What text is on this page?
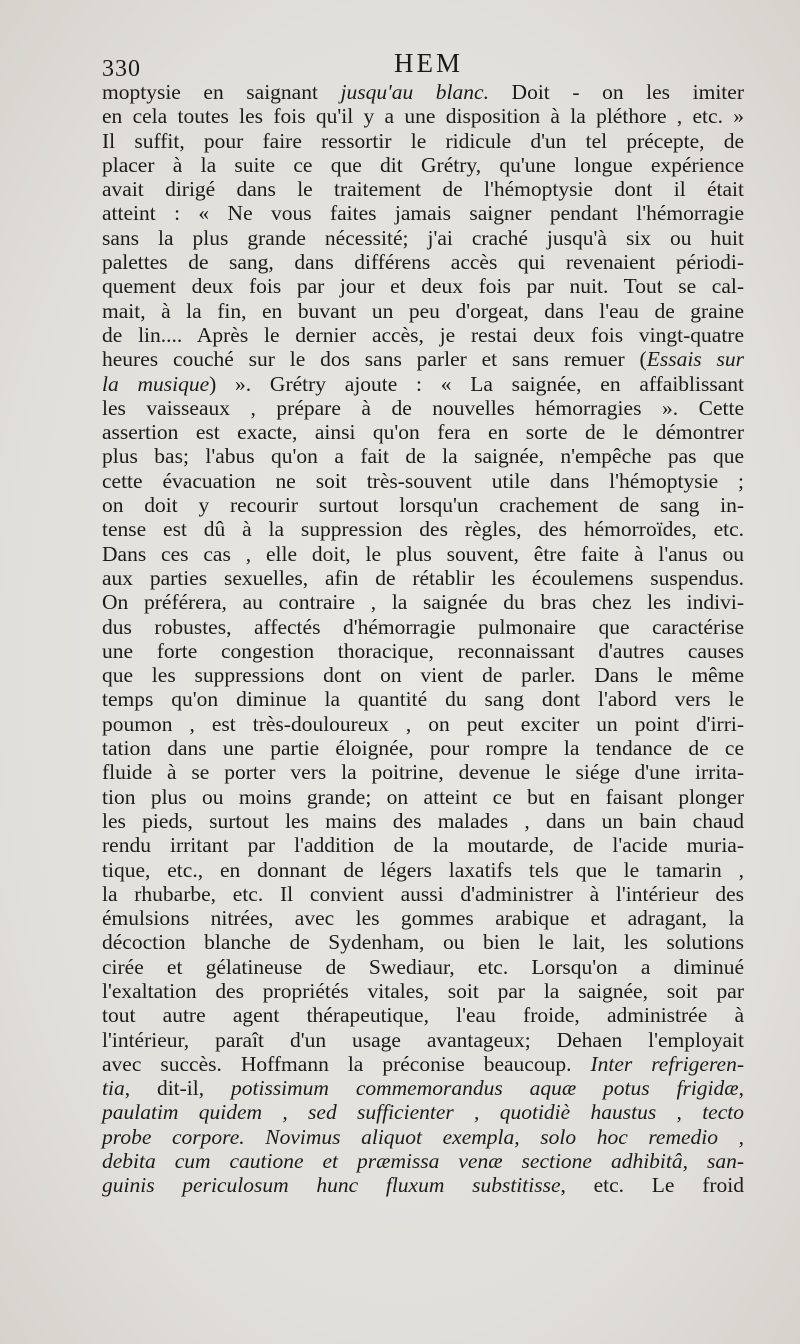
330	HEM
moptysie en saignant jusqu'au blanc. Doit - on les imiter
en cela toutes les fois qu'il y a une disposition à la pléthore , etc. »
Il suffit, pour faire ressortir le ridicule d'un tel précepte, de
placer à la suite ce que dit Grétry, qu'une longue expérience
avait dirigé dans le traitement de l'hémoptysie dont il était
atteint : « Ne vous faites jamais saigner pendant l'hémorragie
sans la plus grande nécessité; j'ai craché jusqu'à six ou huit
palettes de sang, dans différens accès qui revenaient périodi-
quement deux fois par jour et deux fois par nuit. Tout se cal-
mait, à la fin, en buvant un peu d'orgeat, dans l'eau de graine
de lin.... Après le dernier accès, je restai deux fois vingt-quatre
heures couché sur le dos sans parler et sans remuer (Essais sur
la musique) ». Grétry ajoute : « La saignée, en affaiblissant
les vaisseaux , prépare à de nouvelles hémorragies ». Cette
assertion est exacte, ainsi qu'on fera en sorte de le démontrer
plus bas; l'abus qu'on a fait de la saignée, n'empêche pas que
cette évacuation ne soit très-souvent utile dans l'hémoptysie ;
on doit y recourir surtout lorsqu'un crachement de sang in-
tense est dû à la suppression des règles, des hémorroïdes, etc.
Dans ces cas , elle doit, le plus souvent, être faite à l'anus ou
aux parties sexuelles, afin de rétablir les écoulemens suspendus.
On préférera, au contraire , la saignée du bras chez les indivi-
dus robustes, affectés d'hémorragie pulmonaire que caractérise
une forte congestion thoracique, reconnaissant d'autres causes
que les suppressions dont on vient de parler. Dans le même
temps qu'on diminue la quantité du sang dont l'abord vers le
poumon , est très-douloureux , on peut exciter un point d'irri-
tation dans une partie éloignée, pour rompre la tendance de ce
fluide à se porter vers la poitrine, devenue le siége d'une irrita-
tion plus ou moins grande; on atteint ce but en faisant plonger
les pieds, surtout les mains des malades , dans un bain chaud
rendu irritant par l'addition de la moutarde, de l'acide muria-
tique, etc., en donnant de légers laxatifs tels que le tamarin ,
la rhubarbe, etc. Il convient aussi d'administrer à l'intérieur des
émulsions nitrées, avec les gommes arabique et adragant, la
décoction blanche de Sydenham, ou bien le lait, les solutions
cirée et gélatineuse de Swediaur, etc. Lorsqu'on a diminué
l'exaltation des propriétés vitales, soit par la saignée, soit par
tout autre agent thérapeutique, l'eau froide, administrée à
l'intérieur, paraît d'un usage avantageux; Dehaen l'employait
avec succès. Hoffmann la préconise beaucoup. Inter refrigeren-
tia, dit-il, potissimum commemorandus aquæ potus frigidæ,
paulatim quidem , sed sufficienter , quotidiè haustus , tecto
probe corpore. Novimus aliquot exempla, solo hoc remedio ,
debita cum cautione et præmissa venæ sectione adhibitâ, san-
guinis periculosum hunc fluxum substitisse, etc. Le froid
